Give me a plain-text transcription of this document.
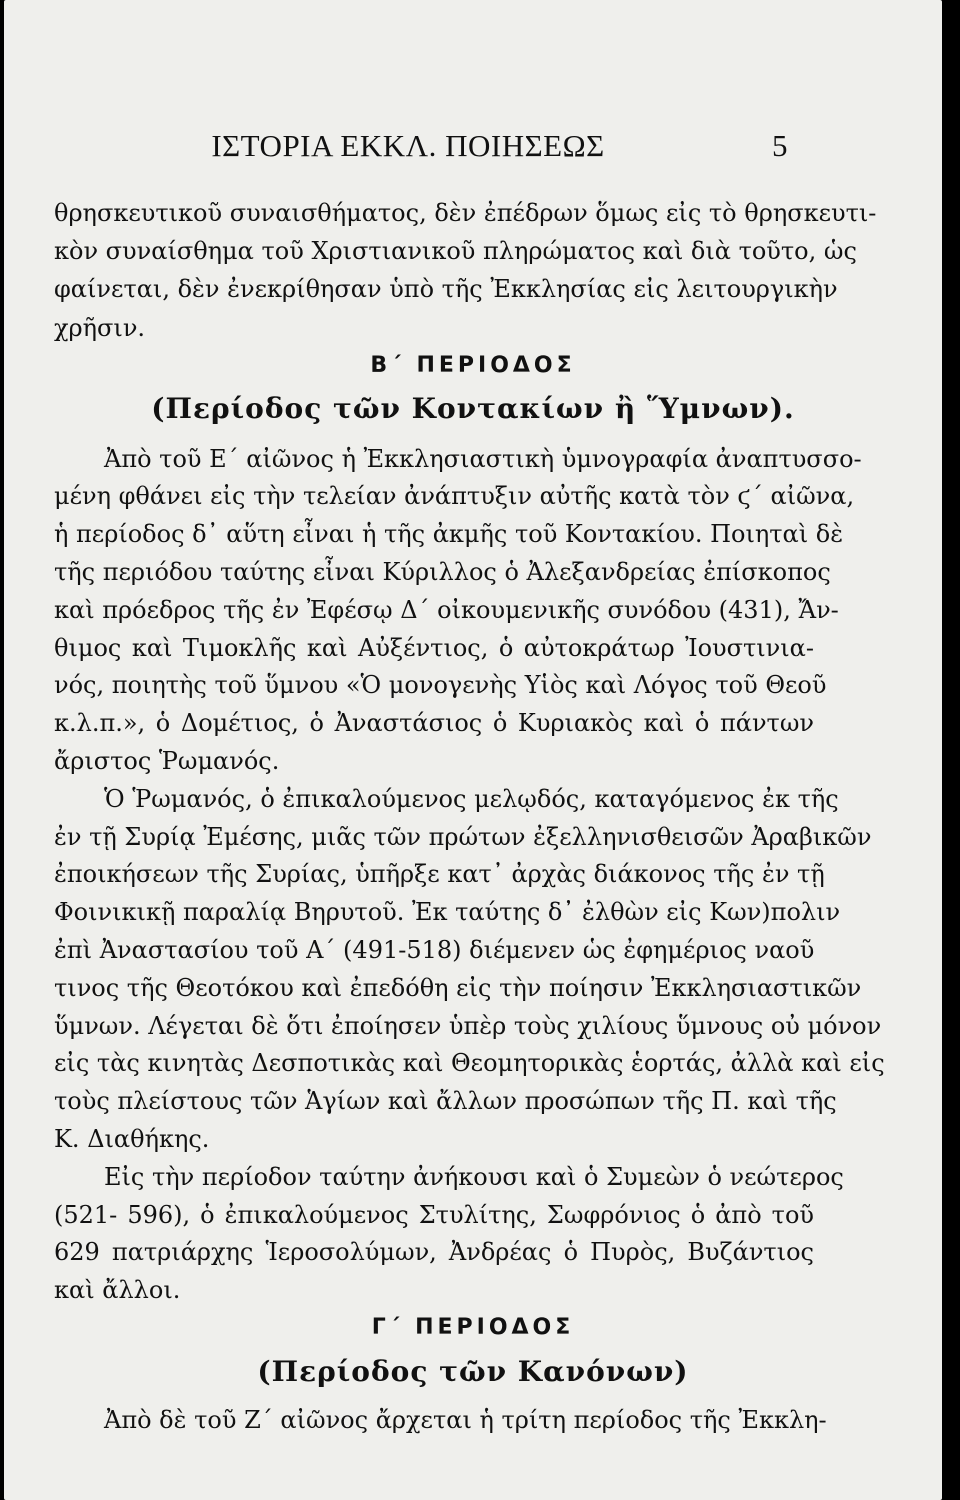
ΙΣΤΟΡΙΑ ΕΚΚΛ. ΠΟΙΗΣΕΩΣ	5
θρησκευτικοῦ συναισθήματος, δὲν ἐπέδρων ὅμως εἰς τὸ θρησκευτι-
κὸν συναίσθημα τοῦ Χριστιανικοῦ πληρώματος καὶ διὰ τοῦτο, ὡς
φαίνεται, δὲν ἐνεκρίθησαν ὑπὸ τῆς Ἐκκλησίας εἰς λειτουργικὴν
χρῆσιν.
Β΄ ΠΕΡΙΟΔΟΣ
(Περίοδος τῶν Κοντακίων ἢ Ὕμνων).
Ἀπὸ τοῦ Ε΄ αἰῶνος ἡ Ἐκκλησιαστικὴ ὑμνογραφία ἀναπτυσσο-
μένη φθάνει εἰς τὴν τελείαν ἀνάπτυξιν αὐτῆς κατὰ τὸν ϛ΄ αἰῶνα,
ἡ περίοδος δ᾽ αὕτη εἶναι ἡ τῆς ἀκμῆς τοῦ Κοντακίου. Ποιηταὶ δὲ
τῆς περιόδου ταύτης εἶναι Κύριλλος ὁ Ἀλεξανδρείας ἐπίσκοπος
καὶ πρόεδρος τῆς ἐν Ἐφέσῳ Δ΄ οἰκουμενικῆς συνόδου (431), Ἄν-
θιμος καὶ Τιμοκλῆς καὶ Αὐξέντιος, ὁ αὐτοκράτωρ Ἰουστινια-
νός, ποιητὴς τοῦ ὕμνου «Ὁ μονογενὴς Υἱὸς καὶ Λόγος τοῦ Θεοῦ
κ.λ.π.», ὁ Δομέτιος, ὁ Ἀναστάσιος ὁ Κυριακὸς καὶ ὁ πάντων
ἄριστος Ῥωμανός.
Ὁ Ῥωμανός, ὁ ἐπικαλούμενος μελῳδός, καταγόμενος ἐκ τῆς
ἐν τῇ Συρίᾳ Ἐμέσης, μιᾶς τῶν πρώτων ἐξελληνισθεισῶν Ἀραβικῶν
ἐποικήσεων τῆς Συρίας, ὑπῆρξε κατ᾽ ἀρχὰς διάκονος τῆς ἐν τῇ
Φοινικικῇ παραλίᾳ Βηρυτοῦ. Ἐκ ταύτης δ᾽ ἐλθὼν εἰς Κων)πολιν
ἐπὶ Ἀναστασίου τοῦ Α΄ (491-518) διέμενεν ὡς ἐφημέριος ναοῦ
τινος τῆς Θεοτόκου καὶ ἐπεδόθη εἰς τὴν ποίησιν Ἐκκλησιαστικῶν
ὕμνων. Λέγεται δὲ ὅτι ἐποίησεν ὑπὲρ τοὺς χιλίους ὕμνους οὐ μόνον
εἰς τὰς κινητὰς Δεσποτικὰς καὶ Θεομητορικὰς ἑορτάς, ἀλλὰ καὶ εἰς
τοὺς πλείστους τῶν Ἁγίων καὶ ἄλλων προσώπων τῆς Π. καὶ τῆς
Κ. Διαθήκης.
Εἰς τὴν περίοδον ταύτην ἀνήκουσι καὶ ὁ Συμεὼν ὁ νεώτερος
(521- 596), ὁ ἐπικαλούμενος Στυλίτης, Σωφρόνιος ὁ ἀπὸ τοῦ
629 πατριάρχης Ἱεροσολύμων, Ἀνδρέας ὁ Πυρὸς, Βυζάντιος
καὶ ἄλλοι.
Γ΄ ΠΕΡΙΟΔΟΣ
(Περίοδος τῶν Κανόνων)
Ἀπὸ δὲ τοῦ Ζ΄ αἰῶνος ἄρχεται ἡ τρίτη περίοδος τῆς Ἐκκλη-
